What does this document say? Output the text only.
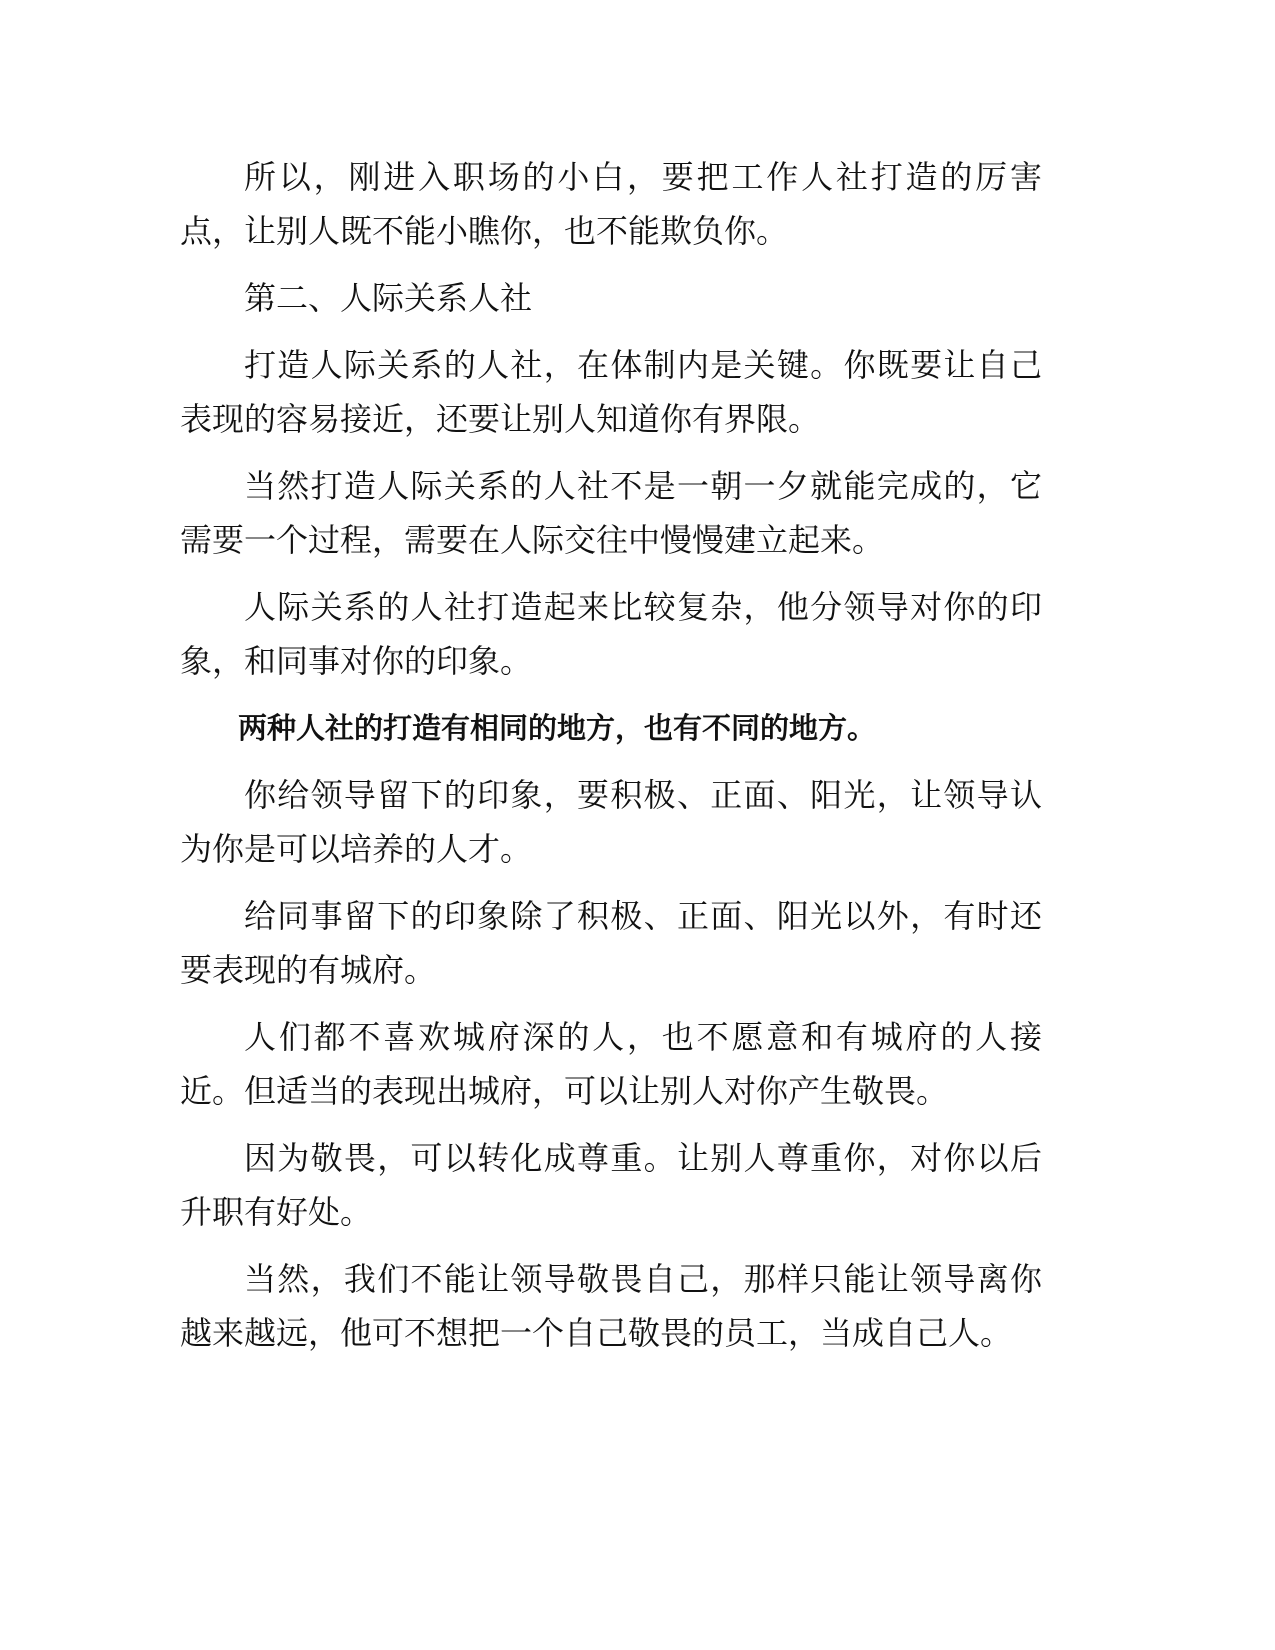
所以，刚进入职场的小白，要把工作人社打造的厉害点，让别人既不能小瞧你，也不能欺负你。

第二、人际关系人社

打造人际关系的人社，在体制内是关键。你既要让自己表现的容易接近，还要让别人知道你有界限。

当然打造人际关系的人社不是一朝一夕就能完成的，它需要一个过程，需要在人际交往中慢慢建立起来。

人际关系的人社打造起来比较复杂，他分领导对你的印象，和同事对你的印象。

两种人社的打造有相同的地方，也有不同的地方。

你给领导留下的印象，要积极、正面、阳光，让领导认为你是可以培养的人才。

给同事留下的印象除了积极、正面、阳光以外，有时还要表现的有城府。

人们都不喜欢城府深的人，也不愿意和有城府的人接近。但适当的表现出城府，可以让别人对你产生敬畏。

因为敬畏，可以转化成尊重。让别人尊重你，对你以后升职有好处。

当然，我们不能让领导敬畏自己，那样只能让领导离你越来越远，他可不想把一个自己敬畏的员工，当成自己人。
